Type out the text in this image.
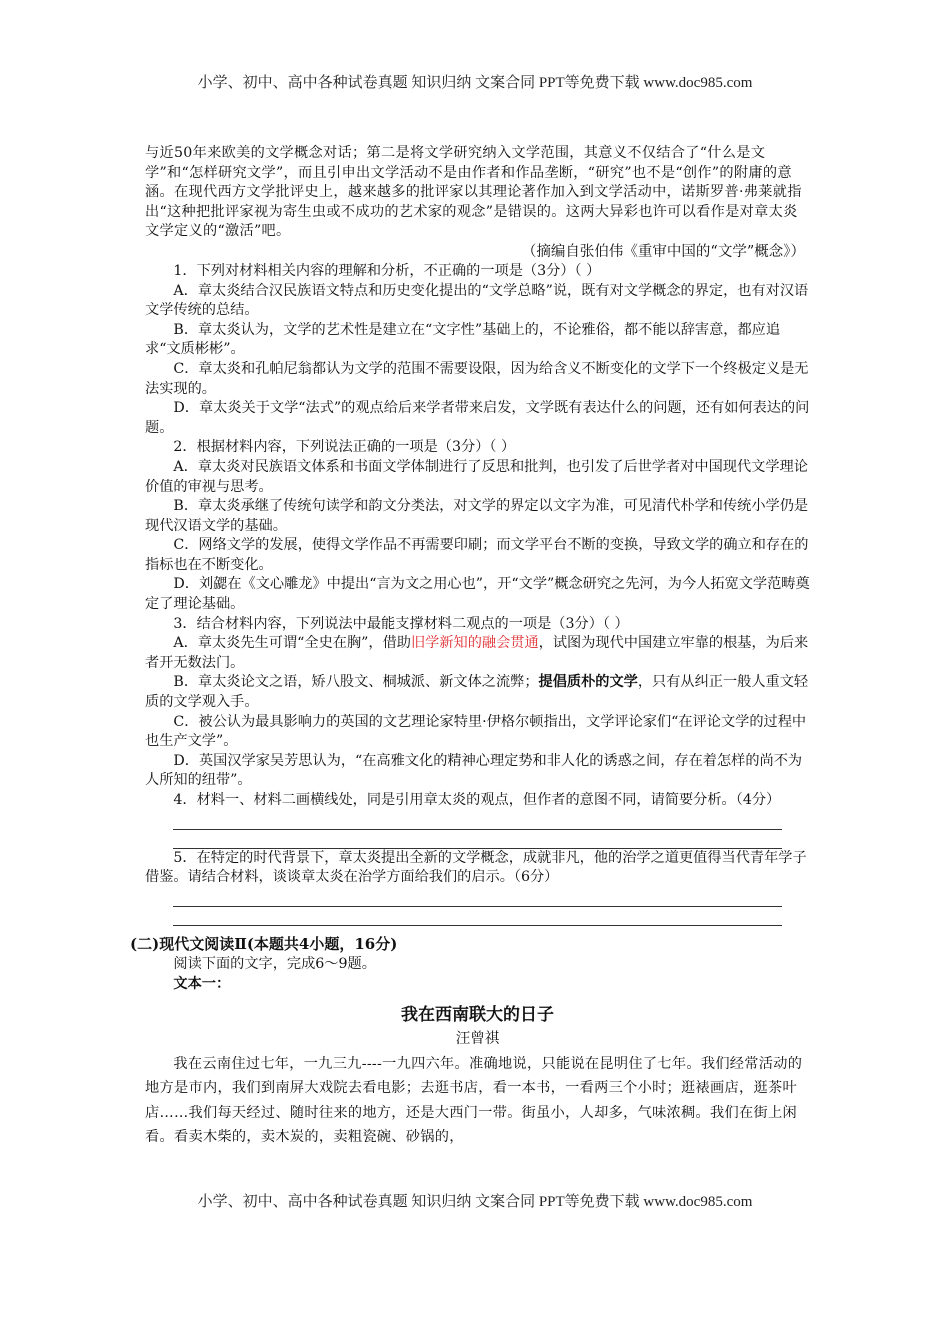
小学、初中、高中各种试卷真题 知识归纳 文案合同 PPT等免费下载 www.doc985.com

与近50年来欧美的文学概念对话；第二是将文学研究纳入文学范围，其意义不仅结合了“什么是文学”和“怎样研究文学”，而且引申出文学活动不是由作者和作品垄断，“研究”也不是“创作”的附庸的意涵。在现代西方文学批评史上，越来越多的批评家以其理论著作加入到文学活动中，诺斯罗普·弗莱就指出“这种把批评家视为寄生虫或不成功的艺术家的观念”是错误的。这两大异彩也许可以看作是对章太炎文学定义的“激活”吧。

（摘编自张伯伟《重审中国的“文学”概念》）

1．下列对材料相关内容的理解和分析，不正确的一项是（3分）（ ）

A．章太炎结合汉民族语文特点和历史变化提出的“文学总略”说，既有对文学概念的界定，也有对汉语文学传统的总结。

B．章太炎认为，文学的艺术性是建立在“文字性”基础上的，不论雅俗，都不能以辞害意，都应追求“文质彬彬”。

C．章太炎和孔帕尼翁都认为文学的范围不需要设限，因为给含义不断变化的文学下一个终极定义是无法实现的。

D．章太炎关于文学“法式”的观点给后来学者带来启发，文学既有表达什么的问题，还有如何表达的问题。

2．根据材料内容，下列说法正确的一项是（3分）（ ）

A．章太炎对民族语文体系和书面文学体制进行了反思和批判，也引发了后世学者对中国现代文学理论价值的审视与思考。

B．章太炎承继了传统句读学和韵文分类法，对文学的界定以文字为准，可见清代朴学和传统小学仍是现代汉语文学的基础。

C．网络文学的发展，使得文学作品不再需要印刷；而文学平台不断的变换，导致文学的确立和存在的指标也在不断变化。

D．刘勰在《文心雕龙》中提出“言为文之用心也”，开“文学”概念研究之先河，为今人拓宽文学范畴奠定了理论基础。

3．结合材料内容，下列说法中最能支撑材料二观点的一项是（3分）（ ）

A．章太炎先生可谓“全史在胸”，借助旧学新知的融会贯通，试图为现代中国建立牢靠的根基，为后来者开无数法门。

B．章太炎论文之语，矫八股文、桐城派、新文体之流弊；提倡质朴的文学，只有从纠正一般人重文轻质的文学观入手。

C．被公认为最具影响力的英国的文艺理论家特里·伊格尔顿指出，文学评论家们“在评论文学的过程中也生产文学”。

D．英国汉学家吴芳思认为，“在高雅文化的精神心理定势和非人化的诱惑之间，存在着怎样的尚不为人所知的纽带”。

4．材料一、材料二画横线处，同是引用章太炎的观点，但作者的意图不同，请简要分析。（4分）

5．在特定的时代背景下，章太炎提出全新的文学概念，成就非凡，他的治学之道更值得当代青年学子借鉴。请结合材料，谈谈章太炎在治学方面给我们的启示。（6分）

(二)现代文阅读Ⅱ(本题共4小题，16分)

阅读下面的文字，完成6～9题。

文本一：

我在西南联大的日子
汪曾祺

我在云南住过七年，一九三九----一九四六年。准确地说，只能说在昆明住了七年。我们经常活动的地方是市内，我们到南屏大戏院去看电影；去逛书店，看一本书，一看两三个小时；逛裱画店，逛茶叶店……我们每天经过、随时往来的地方，还是大西门一带。街虽小，人却多，气味浓稠。我们在街上闲看。看卖木柴的，卖木炭的，卖粗瓷碗、砂锅的，

小学、初中、高中各种试卷真题 知识归纳 文案合同 PPT等免费下载 www.doc985.com
